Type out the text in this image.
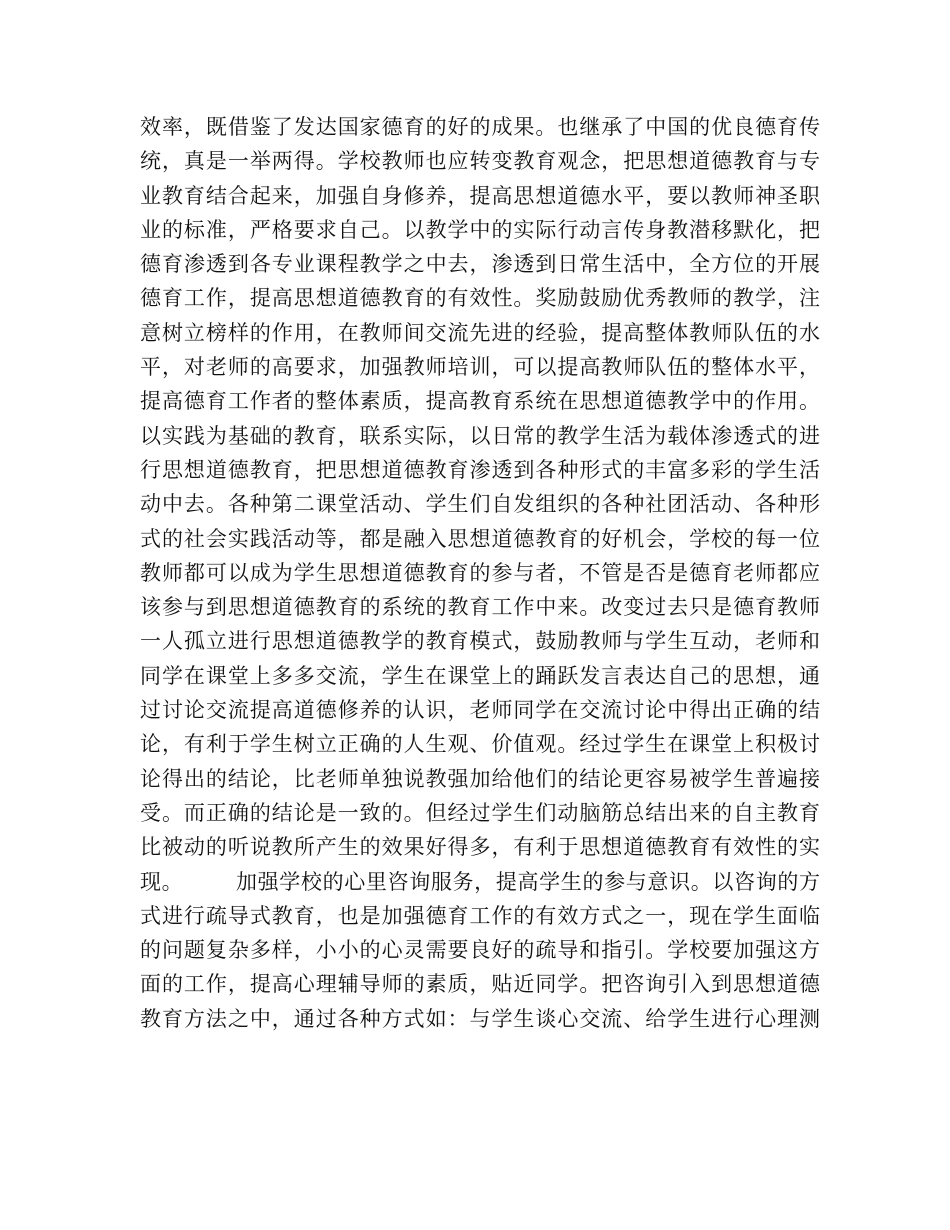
效率，既借鉴了发达国家德育的好的成果。也继承了中国的优良德育传
统，真是一举两得。学校教师也应转变教育观念，把思想道德教育与专
业教育结合起来，加强自身修养，提高思想道德水平，要以教师神圣职
业的标准，严格要求自己。以教学中的实际行动言传身教潜移默化，把
德育渗透到各专业课程教学之中去，渗透到日常生活中，全方位的开展
德育工作，提高思想道德教育的有效性。奖励鼓励优秀教师的教学，注
意树立榜样的作用，在教师间交流先进的经验，提高整体教师队伍的水
平，对老师的高要求，加强教师培训，可以提高教师队伍的整体水平，
提高德育工作者的整体素质，提高教育系统在思想道德教学中的作用。
以实践为基础的教育，联系实际，以日常的教学生活为载体渗透式的进
行思想道德教育，把思想道德教育渗透到各种形式的丰富多彩的学生活
动中去。各种第二课堂活动、学生们自发组织的各种社团活动、各种形
式的社会实践活动等，都是融入思想道德教育的好机会，学校的每一位
教师都可以成为学生思想道德教育的参与者，不管是否是德育老师都应
该参与到思想道德教育的系统的教育工作中来。改变过去只是德育教师
一人孤立进行思想道德教学的教育模式，鼓励教师与学生互动，老师和
同学在课堂上多多交流，学生在课堂上的踊跃发言表达自己的思想，通
过讨论交流提高道德修养的认识，老师同学在交流讨论中得出正确的结
论，有利于学生树立正确的人生观、价值观。经过学生在课堂上积极讨
论得出的结论，比老师单独说教强加给他们的结论更容易被学生普遍接
受。而正确的结论是一致的。但经过学生们动脑筋总结出来的自主教育
比被动的听说教所产生的效果好得多，有利于思想道德教育有效性的实
现。 加强学校的心里咨询服务，提高学生的参与意识。以咨询的方
式进行疏导式教育，也是加强德育工作的有效方式之一，现在学生面临
的问题复杂多样，小小的心灵需要良好的疏导和指引。学校要加强这方
面的工作，提高心理辅导师的素质，贴近同学。把咨询引入到思想道德
教育方法之中，通过各种方式如：与学生谈心交流、给学生进行心理测
